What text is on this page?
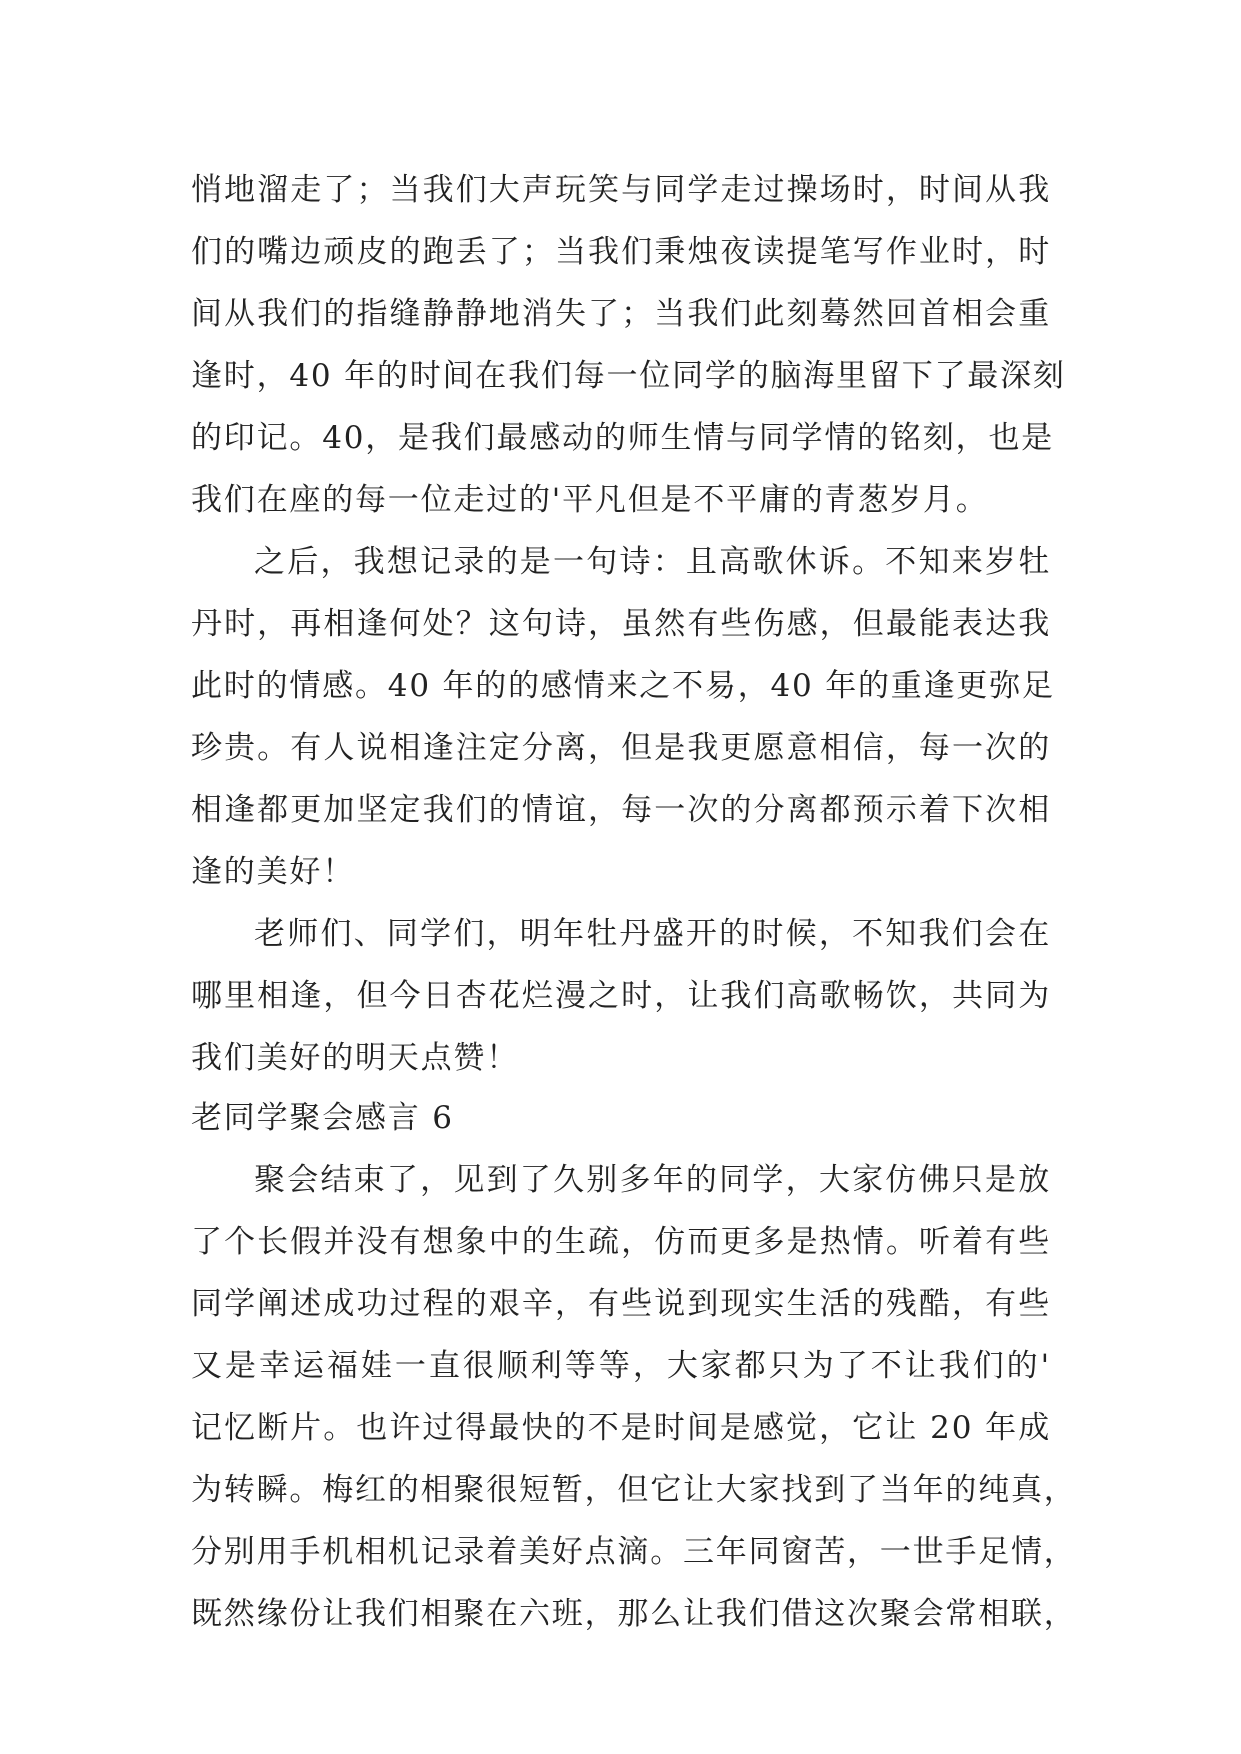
悄地溜走了；当我们大声玩笑与同学走过操场时，时间从我
们的嘴边顽皮的跑丢了；当我们秉烛夜读提笔写作业时，时
间从我们的指缝静静地消失了；当我们此刻蓦然回首相会重
逢时，40 年的时间在我们每一位同学的脑海里留下了最深刻
的印记。40，是我们最感动的师生情与同学情的铭刻，也是
我们在座的每一位走过的'平凡但是不平庸的青葱岁月。
之后，我想记录的是一句诗：且高歌休诉。不知来岁牡
丹时，再相逢何处？这句诗，虽然有些伤感，但最能表达我
此时的情感。40 年的的感情来之不易，40 年的重逢更弥足
珍贵。有人说相逢注定分离，但是我更愿意相信，每一次的
相逢都更加坚定我们的情谊，每一次的分离都预示着下次相
逢的美好！
老师们、同学们，明年牡丹盛开的时候，不知我们会在
哪里相逢，但今日杏花烂漫之时，让我们高歌畅饮，共同为
我们美好的明天点赞！
老同学聚会感言 6
聚会结束了，见到了久别多年的同学，大家仿佛只是放
了个长假并没有想象中的生疏，仿而更多是热情。听着有些
同学阐述成功过程的艰辛，有些说到现实生活的残酷，有些
又是幸运福娃一直很顺利等等，大家都只为了不让我们的'
记忆断片。也许过得最快的不是时间是感觉，它让 20 年成
为转瞬。梅红的相聚很短暂，但它让大家找到了当年的纯真，
分别用手机相机记录着美好点滴。三年同窗苦，一世手足情，
既然缘份让我们相聚在六班，那么让我们借这次聚会常相联，
